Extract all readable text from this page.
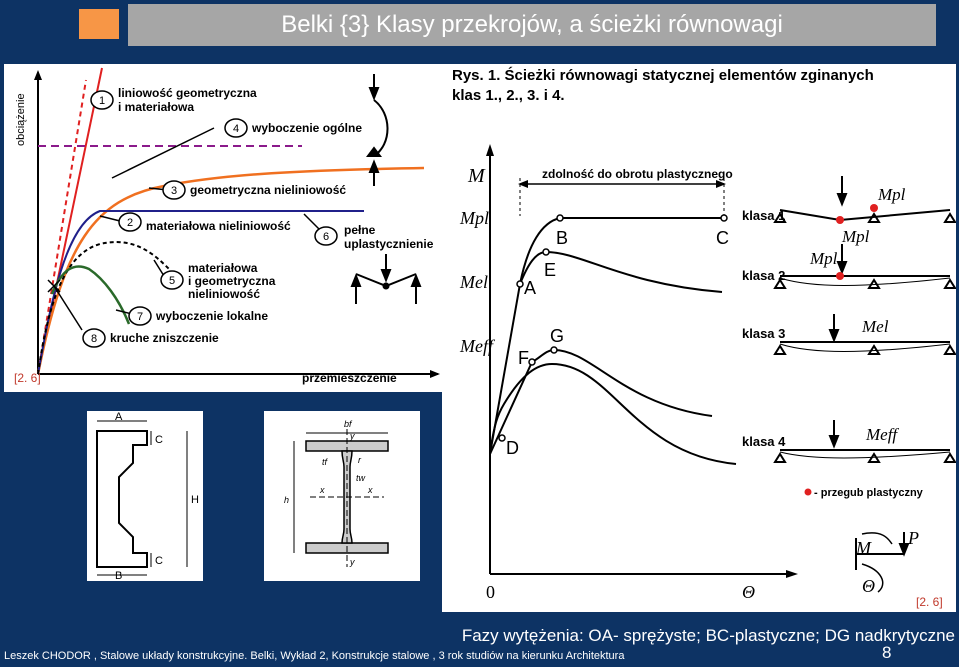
Belki {3} Klasy przekrojów, a ścieżki równowagi
obciążenie
przemieszczenie
[2. 6]
1
liniowość geometryczna
i materiałowa
4 wyboczenie ogólne
3 geometryczna nieliniowość
2 materiałowa nieliniowość
6 pełne
uplastycznienie
5
materiałowa
i geometryczna
nieliniowość
7 wyboczenie lokalne
8 kruche zniszczenie
Rys. 1. Ścieżki równowagi statycznej elementów zginanych
klas 1., 2., 3. i 4.
M
Θ
0
zdolność do obrotu plastycznego
Mpl
Mel
Meff
A
B	C
D
E
F
G
klasa 1
klasa 2
klasa 3
klasa 4
Mpl
Mpl
Mpl
Mel
Meff
- przegub plastyczny
M P
Θ
[2. 6]
A
B
C
C
H
bf
y
tf	r
tw
h
x	x
y
Fazy wytężenia: OA- sprężyste; BC-plastyczne; DG nadkrytyczne
Leszek CHODOR , Stalowe układy konstrukcyjne. Belki, Wykład 2, Konstrukcje stalowe , 3 rok studiów na kierunku Architektura	8
